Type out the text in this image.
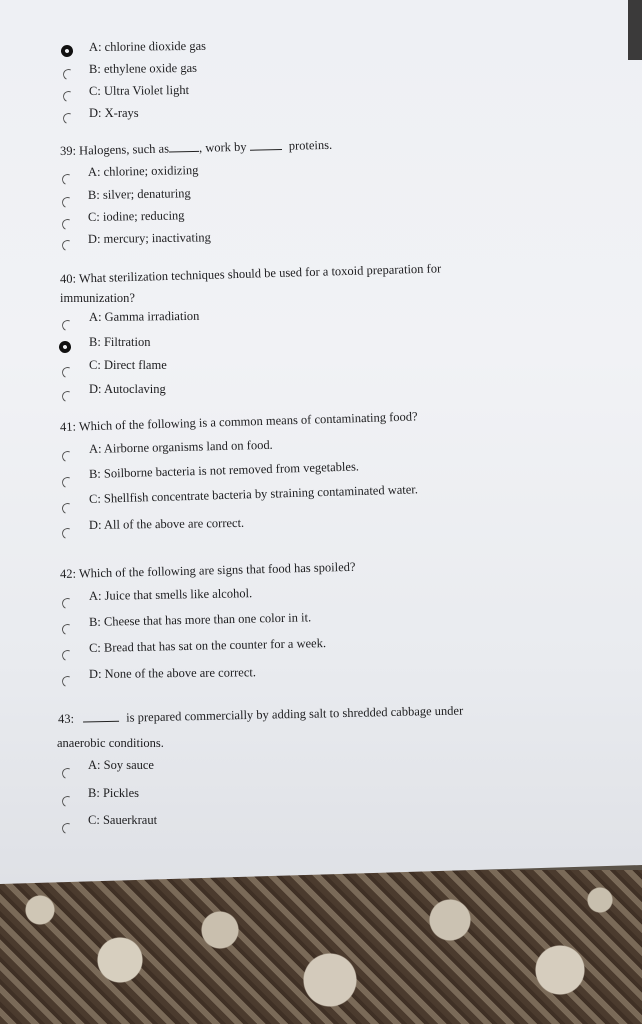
A: chlorine dioxide gas
B: ethylene oxide gas
C: Ultra Violet light
D: X-rays
39: Halogens, such as , work by	proteins.
A: chlorine; oxidizing
B: silver; denaturing
C: iodine; reducing
D: mercury; inactivating
40: What sterilization techniques should be used for a toxoid preparation for
immunization?
A: Gamma irradiation
B: Filtration
C: Direct flame
D: Autoclaving
41: Which of the following is a common means of contaminating food?
A: Airborne organisms land on food.
B: Soilborne bacteria is not removed from vegetables.
C: Shellfish concentrate bacteria by straining contaminated water.
D: All of the above are correct.
42: Which of the following are signs that food has spoiled?
A: Juice that smells like alcohol.
B: Cheese that has more than one color in it.
C: Bread that has sat on the counter for a week.
D: None of the above are correct.
43:	is prepared commercially by adding salt to shredded cabbage under
anaerobic conditions.
A: Soy sauce
B: Pickles
C: Sauerkraut
